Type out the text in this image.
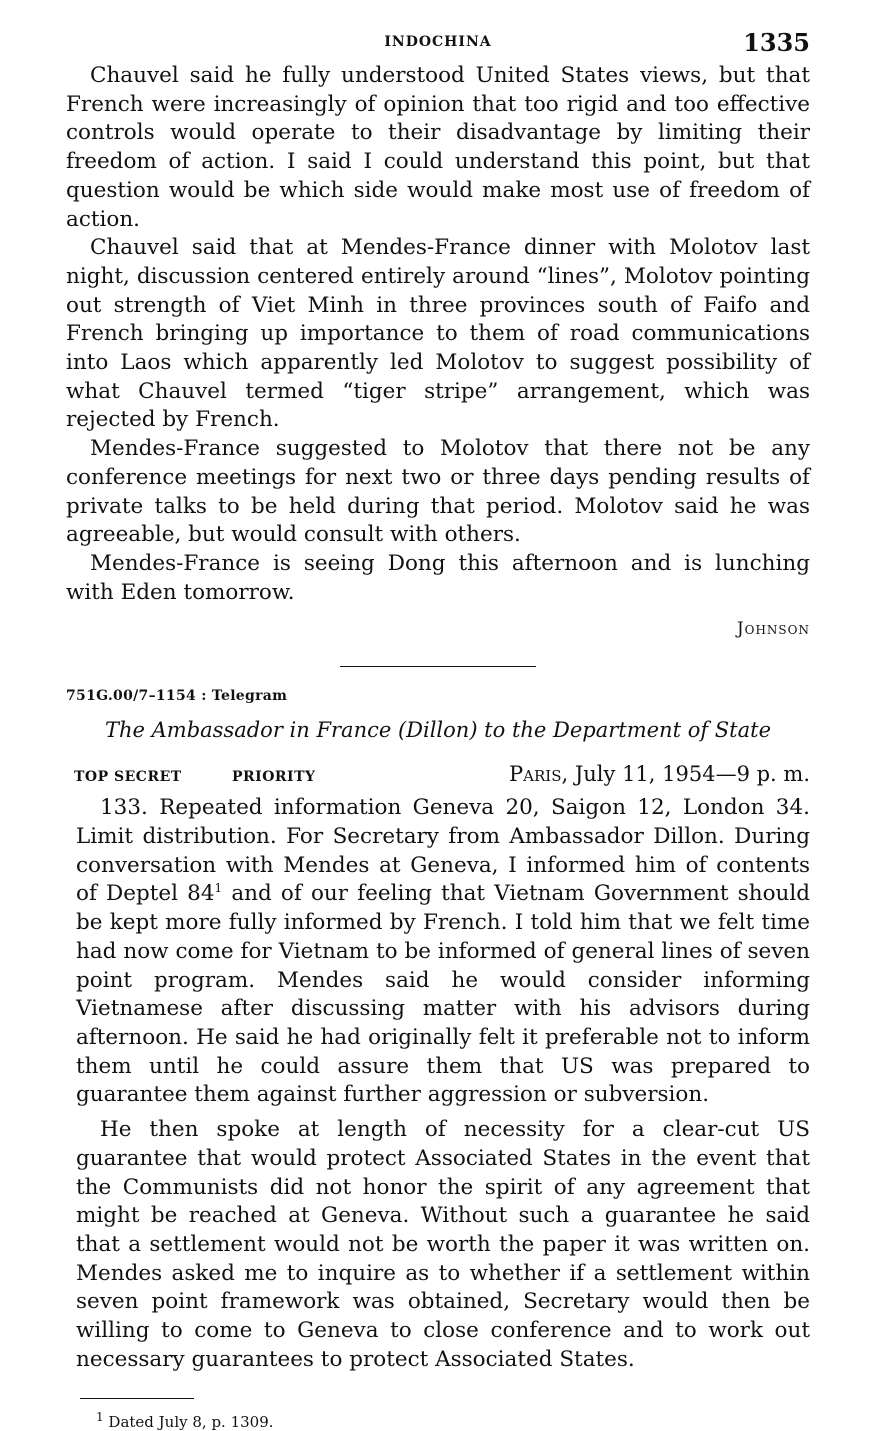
INDOCHINA	1335

Chauvel said he fully understood United States views, but that French were increasingly of opinion that too rigid and too effective controls would operate to their disadvantage by limiting their freedom of action. I said I could understand this point, but that question would be which side would make most use of freedom of action.

Chauvel said that at Mendes-France dinner with Molotov last night, discussion centered entirely around “lines”, Molotov pointing out strength of Viet Minh in three provinces south of Faifo and French bringing up importance to them of road communications into Laos which apparently led Molotov to suggest possibility of what Chauvel termed “tiger stripe” arrangement, which was rejected by French.

Mendes-France suggested to Molotov that there not be any conference meetings for next two or three days pending results of private talks to be held during that period. Molotov said he was agreeable, but would consult with others.

Mendes-France is seeing Dong this afternoon and is lunching with Eden tomorrow.

Johnson
751G.00/7–1154 : Telegram
The Ambassador in France (Dillon) to the Department of State
TOP SECRET	PRIORITY	Paris, July 11, 1954—9 p. m.

133. Repeated information Geneva 20, Saigon 12, London 34. Limit distribution. For Secretary from Ambassador Dillon. During conversation with Mendes at Geneva, I informed him of contents of Deptel $84^1$ and of our feeling that Vietnam Government should be kept more fully informed by French. I told him that we felt time had now come for Vietnam to be informed of general lines of seven point program. Mendes said he would consider informing Vietnamese after discussing matter with his advisors during afternoon. He said he had originally felt it preferable not to inform them until he could assure them that US was prepared to guarantee them against further aggression or subversion.

He then spoke at length of necessity for a clear-cut US guarantee that would protect Associated States in the event that the Communists did not honor the spirit of any agreement that might be reached at Geneva. Without such a guarantee he said that a settlement would not be worth the paper it was written on. Mendes asked me to inquire as to whether if a settlement within seven point framework was obtained, Secretary would then be willing to come to Geneva to close conference and to work out necessary guarantees to protect Associated States.

$^1$ Dated July 8, p. 1309.
